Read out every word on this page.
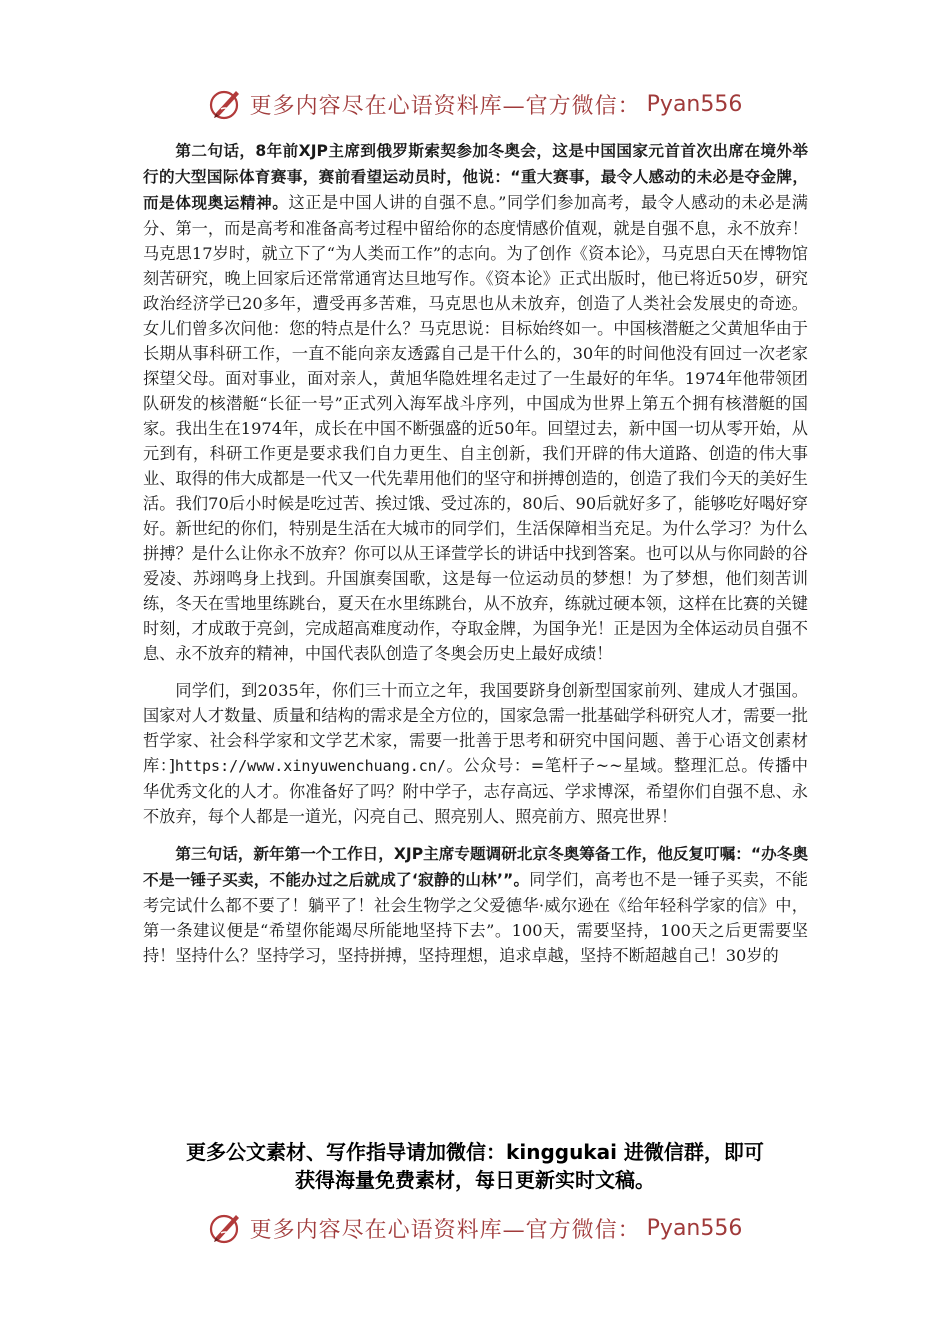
更多内容尽在心语资料库—官方微信： Pyan556

第二句话，8年前XJP主席到俄罗斯索契参加冬奥会，这是中国国家元首首次出席在境外举行的大型国际体育赛事，赛前看望运动员时，他说：“重大赛事，最令人感动的未必是夺金牌，而是体现奥运精神。这正是中国人讲的自强不息。”同学们参加高考，最令人感动的未必是满分、第一，而是高考和准备高考过程中留给你的态度情感价值观，就是自强不息，永不放弃！马克思17岁时，就立下了“为人类而工作”的志向。为了创作《资本论》，马克思白天在博物馆刻苦研究，晚上回家后还常常通宵达旦地写作。《资本论》正式出版时，他已将近50岁，研究政治经济学已20多年，遭受再多苦难，马克思也从未放弃，创造了人类社会发展史的奇迹。女儿们曾多次问他：您的特点是什么？马克思说：目标始终如一。中国核潜艇之父黄旭华由于长期从事科研工作，一直不能向亲友透露自己是干什么的，30年的时间他没有回过一次老家探望父母。面对事业，面对亲人，黄旭华隐姓埋名走过了一生最好的年华。1974年他带领团队研发的核潜艇“长征一号”正式列入海军战斗序列，中国成为世界上第五个拥有核潜艇的国家。我出生在1974年，成长在中国不断强盛的近50年。回望过去，新中国一切从零开始，从元到有，科研工作更是要求我们自力更生、自主创新，我们开辟的伟大道路、创造的伟大事业、取得的伟大成都是一代又一代先辈用他们的坚守和拼搏创造的，创造了我们今天的美好生活。我们70后小时候是吃过苦、挨过饿、受过冻的，80后、90后就好多了，能够吃好喝好穿好。新世纪的你们，特别是生活在大城市的同学们，生活保障相当充足。为什么学习？为什么拼搏？是什么让你永不放弃？你可以从王译萱学长的讲话中找到答案。也可以从与你同龄的谷爱凌、苏翊鸣身上找到。升国旗奏国歌，这是每一位运动员的梦想！为了梦想，他们刻苦训练，冬天在雪地里练跳台，夏天在水里练跳台，从不放弃，练就过硬本领，这样在比赛的关键时刻，才成敢于亮剑，完成超高难度动作，夺取金牌，为国争光！正是因为全体运动员自强不息、永不放弃的精神，中国代表队创造了冬奥会历史上最好成绩！

同学们，到2035年，你们三十而立之年，我国要跻身创新型国家前列、建成人才强国。国家对人才数量、质量和结构的需求是全方位的，国家急需一批基础学科研究人才，需要一批哲学家、社会科学家和文学艺术家，需要一批善于思考和研究中国问题、善于心语文创素材库：]https://www.xinyuwenchuang.cn/。公众号：=笔杆子~~星域。整理汇总。传播中华优秀文化的人才。你准备好了吗？附中学子，志存高远、学求博深，希望你们自强不息、永不放弃，每个人都是一道光，闪亮自己、照亮别人、照亮前方、照亮世界！

第三句话，新年第一个工作日，XJP主席专题调研北京冬奥筹备工作，他反复叮嘱：“办冬奥不是一锤子买卖，不能办过之后就成了‘寂静的山林’”。同学们，高考也不是一锤子买卖，不能考完试什么都不要了！躺平了！社会生物学之父爱德华·威尔逊在《给年轻科学家的信》中，第一条建议便是“希望你能竭尽所能地坚持下去”。100天，需要坚持，100天之后更需要坚持！坚持什么？坚持学习，坚持拼搏，坚持理想，追求卓越，坚持不断超越自己！30岁的

更多公文素材、写作指导请加微信：kinggukai 进微信群，即可
获得海量免费素材，每日更新实时文稿。
更多内容尽在心语资料库—官方微信： Pyan556
